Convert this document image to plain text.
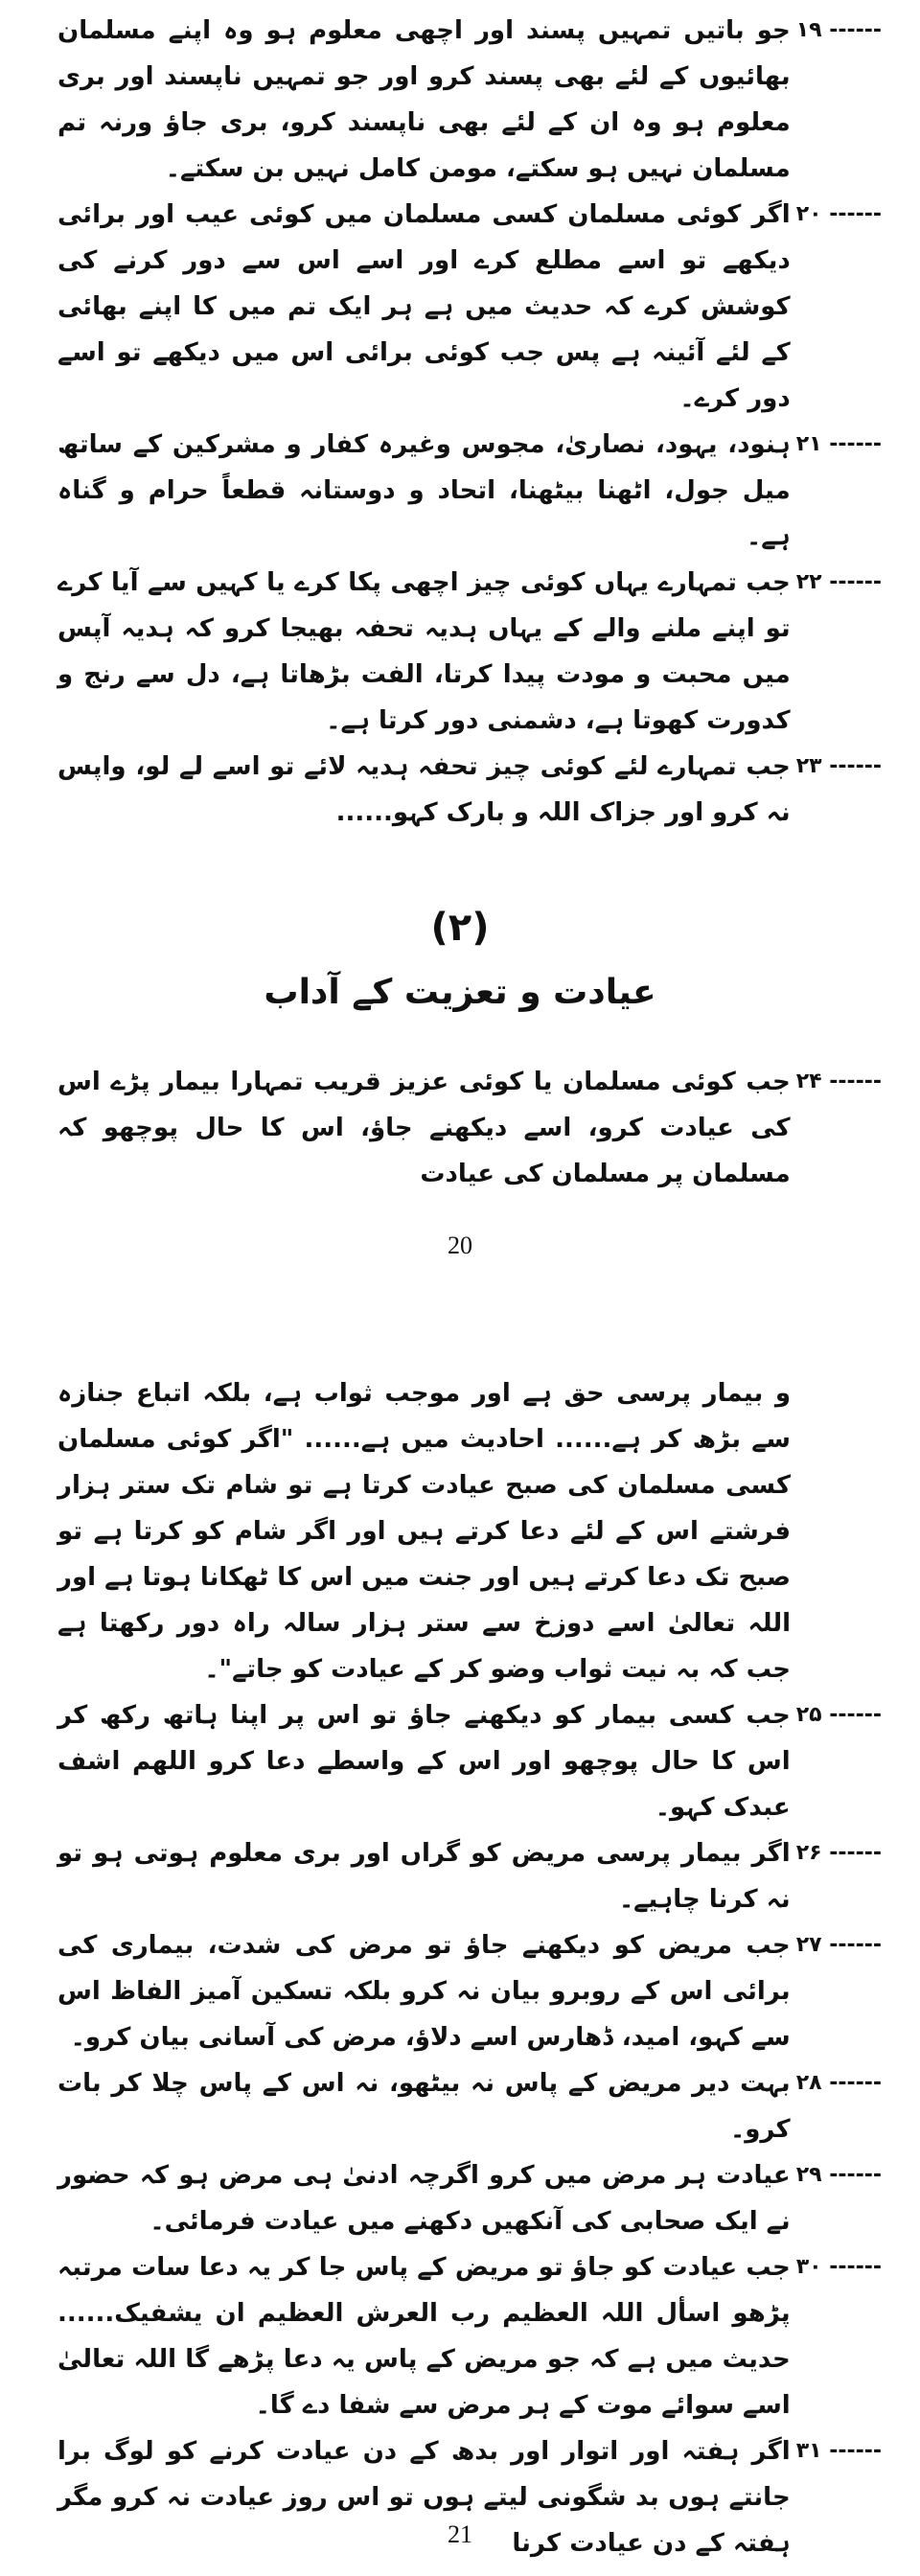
۱۹ ------
جو باتیں تمہیں پسند اور اچھی معلوم ہو وہ اپنے مسلمان بھائیوں کے لئے بھی پسند کرو اور جو تمہیں ناپسند اور بری معلوم ہو وہ ان کے لئے بھی ناپسند کرو، بری جاؤ ورنہ تم مسلمان نہیں ہو سکتے، مومن کامل نہیں بن سکتے۔
۲۰ ------
اگر کوئی مسلمان کسی مسلمان میں کوئی عیب اور برائی دیکھے تو اسے مطلع کرے اور اسے اس سے دور کرنے کی کوشش کرے کہ حدیث میں ہے ہر ایک تم میں کا اپنے بھائی کے لئے آئینہ ہے پس جب کوئی برائی اس میں دیکھے تو اسے دور کرے۔
۲۱ ------
ہنود، یہود، نصاریٰ، مجوس وغیرہ کفار و مشرکین کے ساتھ میل جول، اٹھنا بیٹھنا، اتحاد و دوستانہ قطعاً حرام و گناہ ہے۔
۲۲ ------
جب تمہارے یہاں کوئی چیز اچھی پکا کرے یا کہیں سے آیا کرے تو اپنے ملنے والے کے یہاں ہدیہ تحفہ بھیجا کرو کہ ہدیہ آپس میں محبت و مودت پیدا کرتا، الفت بڑھاتا ہے، دل سے رنج و کدورت کھوتا ہے، دشمنی دور کرتا ہے۔
۲۳ ------
جب تمہارے لئے کوئی چیز تحفہ ہدیہ لائے تو اسے لے لو، واپس نہ کرو اور جزاک اللہ و بارک کہو......
(۲)
عیادت و تعزیت کے آداب
۲۴ ------
جب کوئی مسلمان یا کوئی عزیز قریب تمہارا بیمار پڑے اس کی عیادت کرو، اسے دیکھنے جاؤ، اس کا حال پوچھو کہ مسلمان پر مسلمان کی عیادت
20
و بیمار پرسی حق ہے اور موجب ثواب ہے، بلکہ اتباع جنازہ سے بڑھ کر ہے...... احادیث میں ہے...... "اگر کوئی مسلمان کسی مسلمان کی صبح عیادت کرتا ہے تو شام تک ستر ہزار فرشتے اس کے لئے دعا کرتے ہیں اور اگر شام کو کرتا ہے تو صبح تک دعا کرتے ہیں اور جنت میں اس کا ٹھکانا ہوتا ہے اور اللہ تعالیٰ اسے دوزخ سے ستر ہزار سالہ راہ دور رکھتا ہے جب کہ بہ نیت ثواب وضو کر کے عیادت کو جاتے"۔
۲۵ ------
جب کسی بیمار کو دیکھنے جاؤ تو اس پر اپنا ہاتھ رکھ کر اس کا حال پوچھو اور اس کے واسطے دعا کرو اللھم اشف عبدک کہو۔
۲۶ ------
اگر بیمار پرسی مریض کو گراں اور بری معلوم ہوتی ہو تو نہ کرنا چاہیے۔
۲۷ ------
جب مریض کو دیکھنے جاؤ تو مرض کی شدت، بیماری کی برائی اس کے روبرو بیان نہ کرو بلکہ تسکین آمیز الفاظ اس سے کہو، امید، ڈھارس اسے دلاؤ، مرض کی آسانی بیان کرو۔
۲۸ ------
بہت دیر مریض کے پاس نہ بیٹھو، نہ اس کے پاس چلا کر بات کرو۔
۲۹ ------
عیادت ہر مرض میں کرو اگرچہ ادنیٰ ہی مرض ہو کہ حضور نے ایک صحابی کی آنکھیں دکھنے میں عیادت فرمائی۔
۳۰ ------
جب عیادت کو جاؤ تو مریض کے پاس جا کر یہ دعا سات مرتبہ پڑھو اسأل اللہ العظیم رب العرش العظیم ان یشفیک...... حدیث میں ہے کہ جو مریض کے پاس یہ دعا پڑھے گا اللہ تعالیٰ اسے سوائے موت کے ہر مرض سے شفا دے گا۔
۳۱ ------
اگر ہفتہ اور اتوار اور بدھ کے دن عیادت کرنے کو لوگ برا جانتے ہوں بد شگونی لیتے ہوں تو اس روز عیادت نہ کرو مگر ہفتہ کے دن عیادت کرنا
21
